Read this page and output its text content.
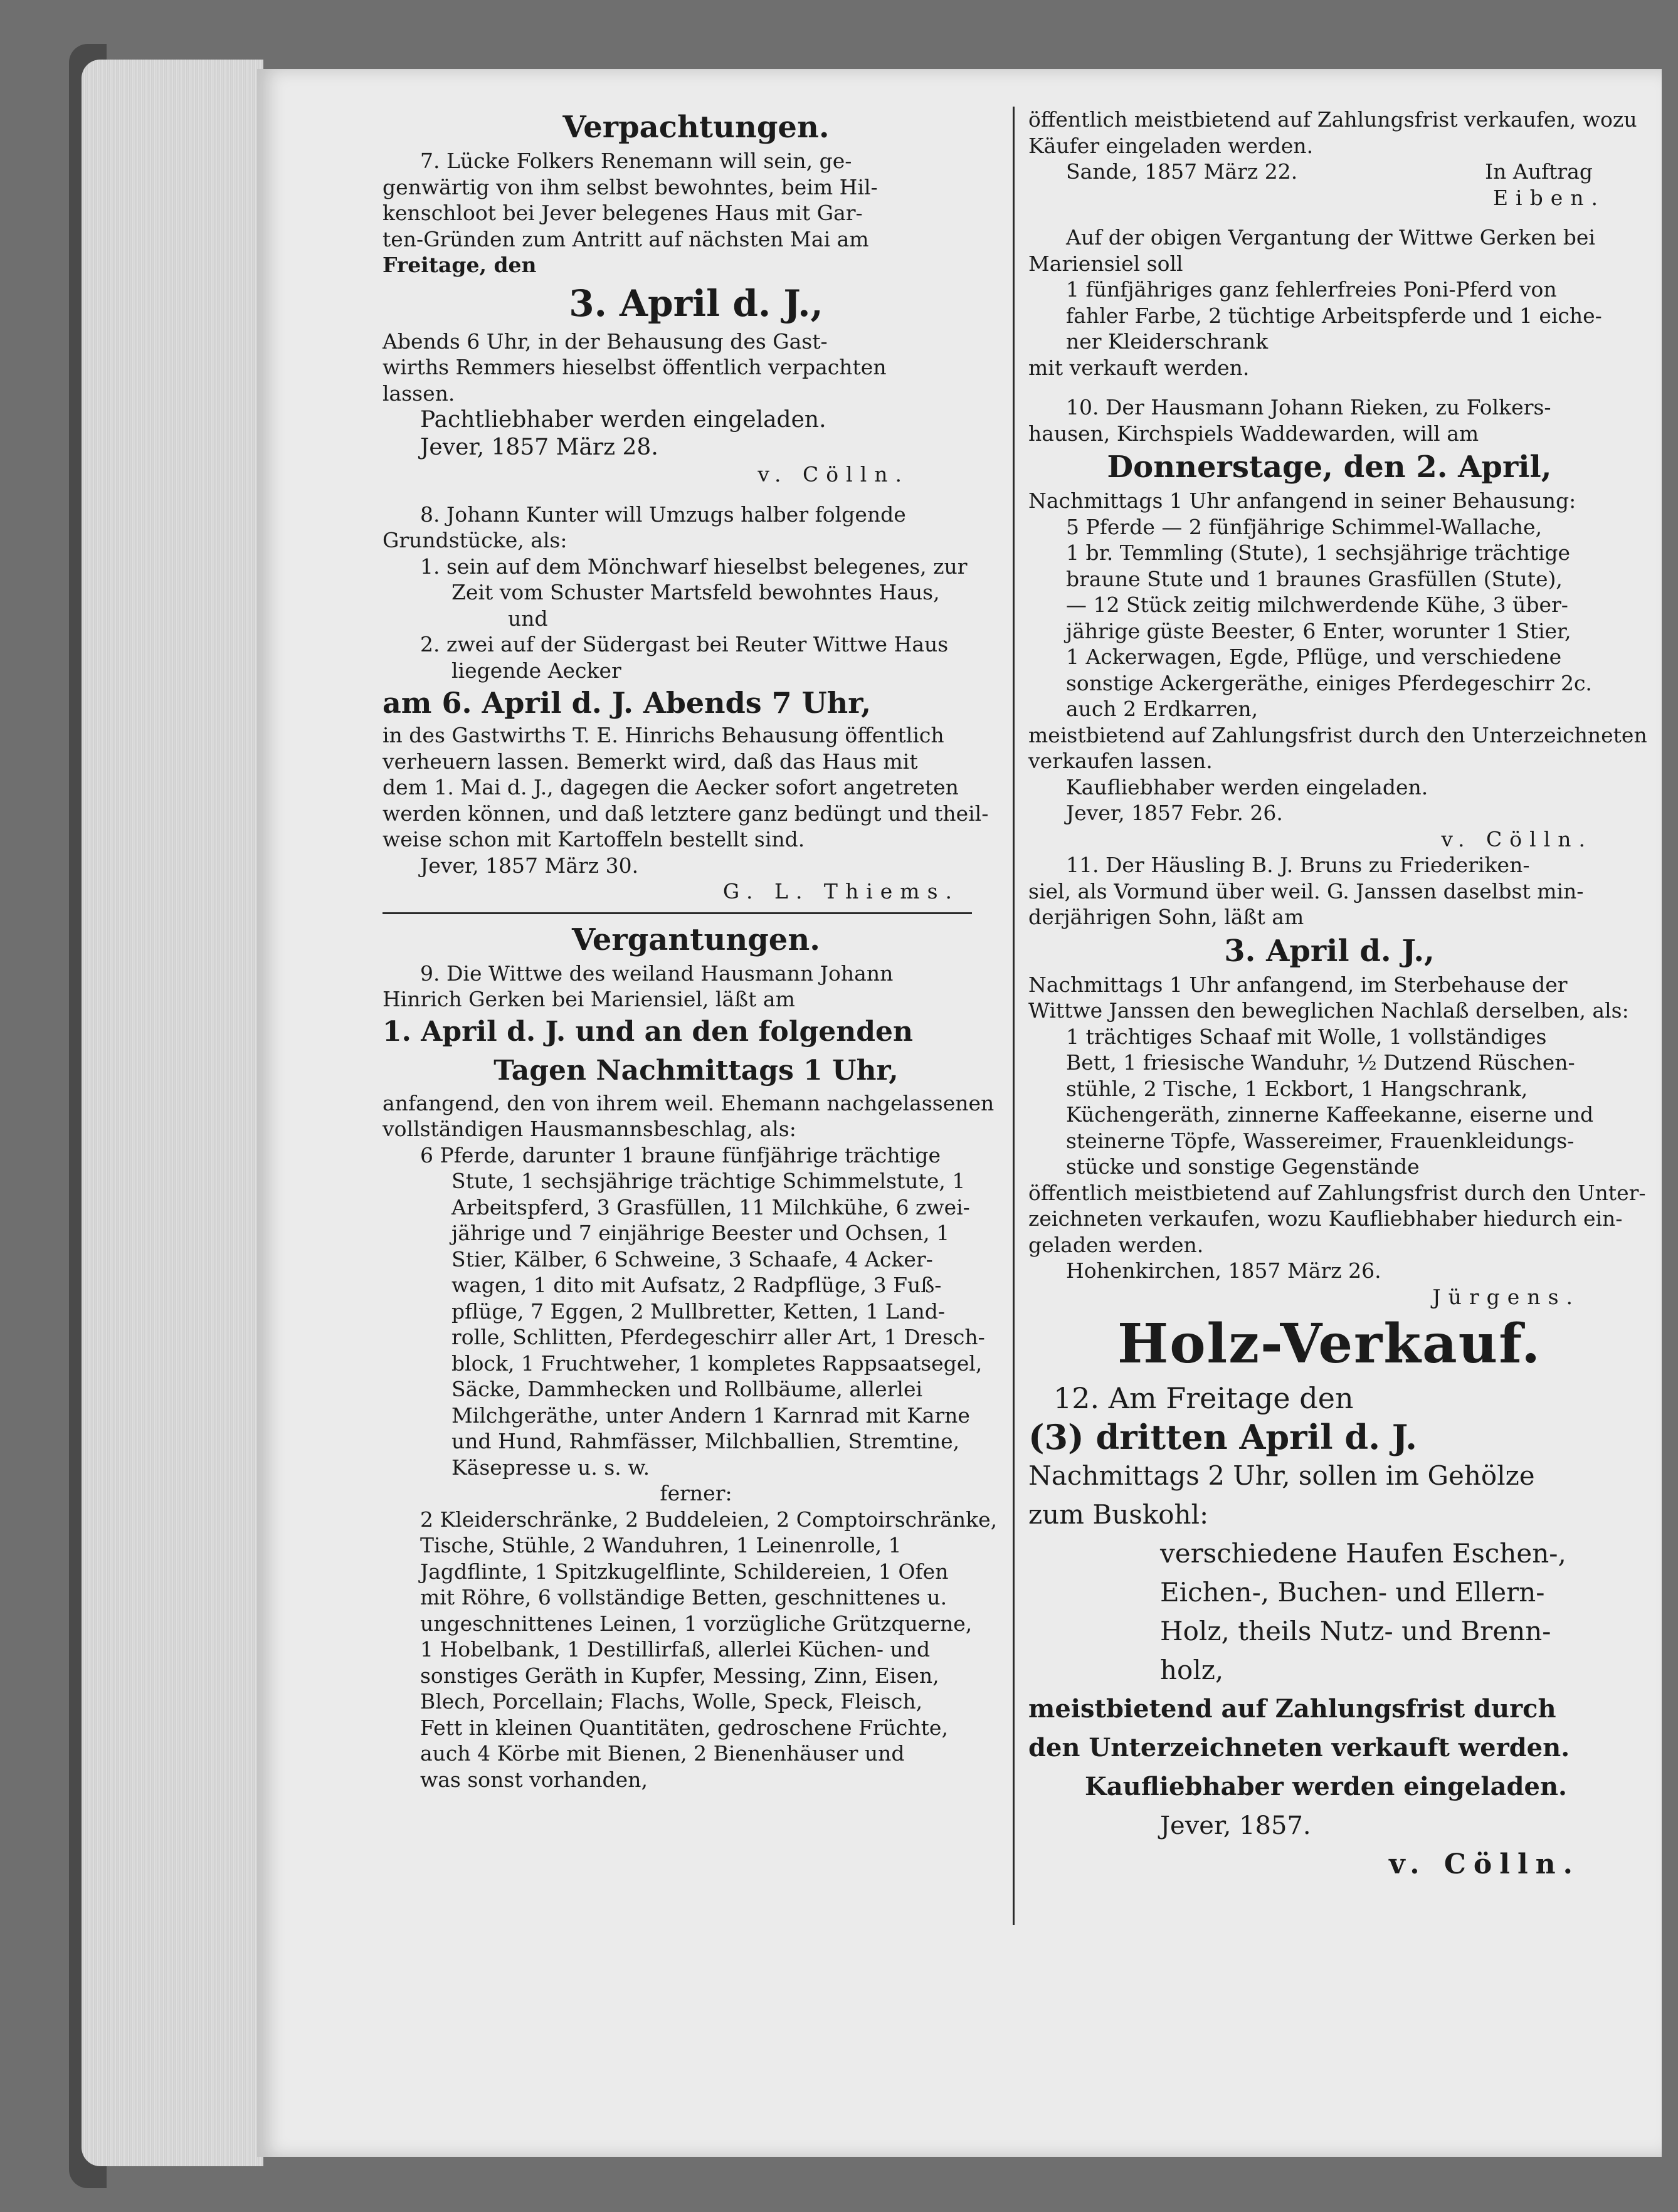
Verpachtungen.

7. Lücke Folkers Renemann will sein, ge-

genwärtig von ihm selbst bewohntes, beim Hil-

kenschloot bei Jever belegenes Haus mit Gar-

ten-Gründen zum Antritt auf nächsten Mai am

Freitage, den

3. April d. J.,

Abends 6 Uhr, in der Behausung des Gast-

wirths Remmers hieselbst öffentlich verpachten

lassen.

Pachtliebhaber werden eingeladen.

Jever, 1857 März 28.

v. Cölln.

8. Johann Kunter will Umzugs halber folgende

Grundstücke, als:

1. sein auf dem Mönchwarf hieselbst belegenes, zur

Zeit vom Schuster Martsfeld bewohntes Haus,

und

2. zwei auf der Südergast bei Reuter Wittwe Haus

liegende Aecker

am 6. April d. J. Abends 7 Uhr,

in des Gastwirths T. E. Hinrichs Behausung öffentlich

verheuern lassen. Bemerkt wird, daß das Haus mit

dem 1. Mai d. J., dagegen die Aecker sofort angetreten

werden können, und daß letztere ganz bedüngt und theil-

weise schon mit Kartoffeln bestellt sind.

Jever, 1857 März 30.

G. L. Thiems.

Vergantungen.

9. Die Wittwe des weiland Hausmann Johann

Hinrich Gerken bei Mariensiel, läßt am

1. April d. J. und an den folgenden

Tagen Nachmittags 1 Uhr,

anfangend, den von ihrem weil. Ehemann nachgelassenen

vollständigen Hausmannsbeschlag, als:

6 Pferde, darunter 1 braune fünfjährige trächtige

Stute, 1 sechsjährige trächtige Schimmelstute, 1

Arbeitspferd, 3 Grasfüllen, 11 Milchkühe, 6 zwei-

jährige und 7 einjährige Beester und Ochsen, 1

Stier, Kälber, 6 Schweine, 3 Schaafe, 4 Acker-

wagen, 1 dito mit Aufsatz, 2 Radpflüge, 3 Fuß-

pflüge, 7 Eggen, 2 Mullbretter, Ketten, 1 Land-

rolle, Schlitten, Pferdegeschirr aller Art, 1 Dresch-

block, 1 Fruchtweher, 1 kompletes Rappsaatsegel,

Säcke, Dammhecken und Rollbäume, allerlei

Milchgeräthe, unter Andern 1 Karnrad mit Karne

und Hund, Rahmfässer, Milchballien, Stremtine,

Käsepresse u. s. w.

ferner:

2 Kleiderschränke, 2 Buddeleien, 2 Comptoirschränke,

Tische, Stühle, 2 Wanduhren, 1 Leinenrolle, 1

Jagdflinte, 1 Spitzkugelflinte, Schildereien, 1 Ofen

mit Röhre, 6 vollständige Betten, geschnittenes u.

ungeschnittenes Leinen, 1 vorzügliche Grützquerne,

1 Hobelbank, 1 Destillirfaß, allerlei Küchen- und

sonstiges Geräth in Kupfer, Messing, Zinn, Eisen,

Blech, Porcellain; Flachs, Wolle, Speck, Fleisch,

Fett in kleinen Quantitäten, gedroschene Früchte,

auch 4 Körbe mit Bienen, 2 Bienenhäuser und

was sonst vorhanden,

öffentlich meistbietend auf Zahlungsfrist verkaufen, wozu

Käufer eingeladen werden.

Sande, 1857 März 22.	In Auftrag

Eiben.

Auf der obigen Vergantung der Wittwe Gerken bei

Mariensiel soll

1 fünfjähriges ganz fehlerfreies Poni-Pferd von

fahler Farbe, 2 tüchtige Arbeitspferde und 1 eiche-

ner Kleiderschrank

mit verkauft werden.

10. Der Hausmann Johann Rieken, zu Folkers-

hausen, Kirchspiels Waddewarden, will am

Donnerstage, den 2. April,

Nachmittags 1 Uhr anfangend in seiner Behausung:

5 Pferde — 2 fünfjährige Schimmel-Wallache,

1 br. Temmling (Stute), 1 sechsjährige trächtige

braune Stute und 1 braunes Grasfüllen (Stute),

— 12 Stück zeitig milchwerdende Kühe, 3 über-

jährige güste Beester, 6 Enter, worunter 1 Stier,

1 Ackerwagen, Egde, Pflüge, und verschiedene

sonstige Ackergeräthe, einiges Pferdegeschirr 2c.

auch 2 Erdkarren,

meistbietend auf Zahlungsfrist durch den Unterzeichneten

verkaufen lassen.

Kaufliebhaber werden eingeladen.

Jever, 1857 Febr. 26.

v. Cölln.

11. Der Häusling B. J. Bruns zu Friederiken-

siel, als Vormund über weil. G. Janssen daselbst min-

derjährigen Sohn, läßt am

3. April d. J.,

Nachmittags 1 Uhr anfangend, im Sterbehause der

Wittwe Janssen den beweglichen Nachlaß derselben, als:

1 trächtiges Schaaf mit Wolle, 1 vollständiges

Bett, 1 friesische Wanduhr, ½ Dutzend Rüschen-

stühle, 2 Tische, 1 Eckbort, 1 Hangschrank,

Küchengeräth, zinnerne Kaffeekanne, eiserne und

steinerne Töpfe, Wassereimer, Frauenkleidungs-

stücke und sonstige Gegenstände

öffentlich meistbietend auf Zahlungsfrist durch den Unter-

zeichneten verkaufen, wozu Kaufliebhaber hiedurch ein-

geladen werden.

Hohenkirchen, 1857 März 26.

Jürgens.

Holz-Verkauf.

12. Am Freitage den

(3) dritten April d. J.

Nachmittags 2 Uhr, sollen im Gehölze

zum Buskohl:

verschiedene Haufen Eschen-,

Eichen-, Buchen- und Ellern-

Holz, theils Nutz- und Brenn-

holz,

meistbietend auf Zahlungsfrist durch

den Unterzeichneten verkauft werden.

Kaufliebhaber werden eingeladen.

Jever, 1857.

v. Cölln.
